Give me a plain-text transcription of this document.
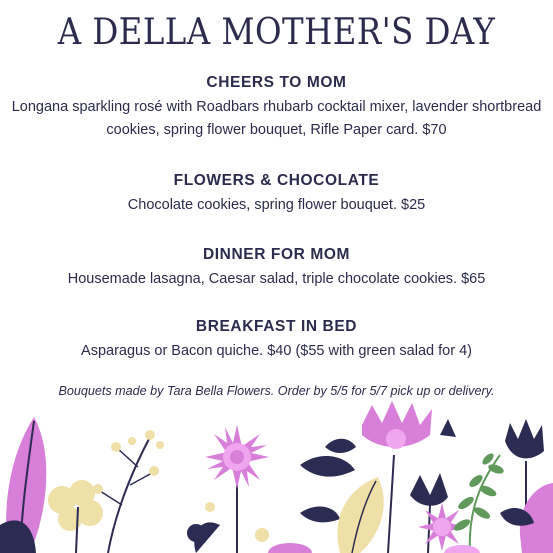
A DELLA MOTHER'S DAY
CHEERS TO MOM

Longana sparkling rosé with Roadbars rhubarb cocktail mixer, lavender shortbread cookies, spring flower bouquet, Rifle Paper card. $70

FLOWERS & CHOCOLATE

Chocolate cookies, spring flower bouquet. $25

DINNER FOR MOM

Housemade lasagna, Caesar salad, triple chocolate cookies. $65

BREAKFAST IN BED

Asparagus or Bacon quiche. $40 ($55 with green salad for 4)

Bouquets made by Tara Bella Flowers. Order by 5/5 for 5/7 pick up or delivery.
